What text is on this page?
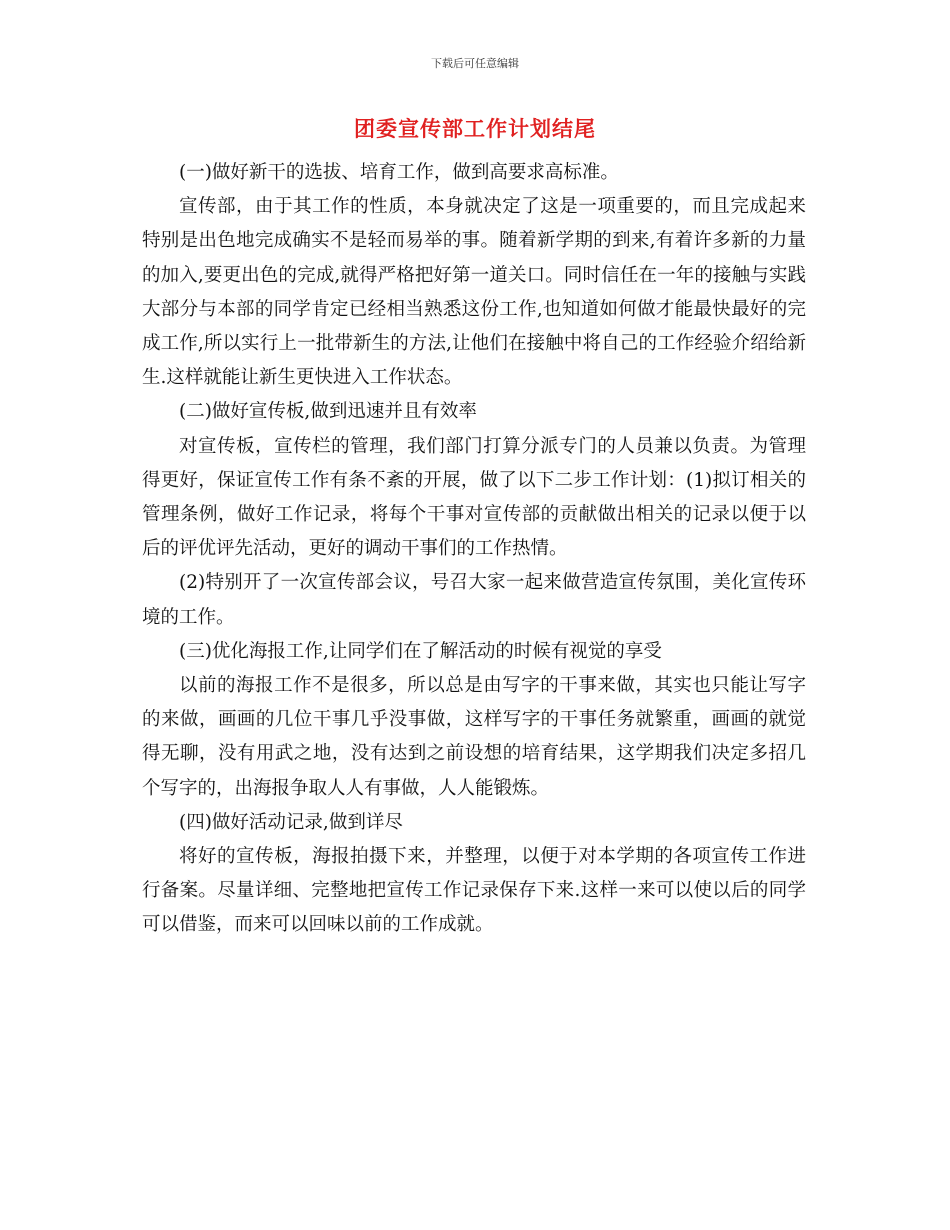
下载后可任意编辑
团委宣传部工作计划结尾

(一)做好新干的选拔、培育工作，做到高要求高标准。

宣传部，由于其工作的性质，本身就决定了这是一项重要的，而且完成起来特别是出色地完成确实不是轻而易举的事。随着新学期的到来,有着许多新的力量的加入,要更出色的完成,就得严格把好第一道关口。同时信任在一年的接触与实践大部分与本部的同学肯定已经相当熟悉这份工作,也知道如何做才能最快最好的完成工作,所以实行上一批带新生的方法,让他们在接触中将自己的工作经验介绍给新生.这样就能让新生更快进入工作状态。

(二)做好宣传板,做到迅速并且有效率

对宣传板，宣传栏的管理，我们部门打算分派专门的人员兼以负责。为管理得更好，保证宣传工作有条不紊的开展，做了以下二步工作计划：(1)拟订相关的管理条例，做好工作记录，将每个干事对宣传部的贡献做出相关的记录以便于以后的评优评先活动，更好的调动干事们的工作热情。

(2)特别开了一次宣传部会议，号召大家一起来做营造宣传氛围，美化宣传环境的工作。

(三)优化海报工作,让同学们在了解活动的时候有视觉的享受

以前的海报工作不是很多，所以总是由写字的干事来做，其实也只能让写字的来做，画画的几位干事几乎没事做，这样写字的干事任务就繁重，画画的就觉得无聊，没有用武之地，没有达到之前设想的培育结果，这学期我们决定多招几个写字的，出海报争取人人有事做，人人能锻炼。

(四)做好活动记录,做到详尽

将好的宣传板，海报拍摄下来，并整理，以便于对本学期的各项宣传工作进行备案。尽量详细、完整地把宣传工作记录保存下来.这样一来可以使以后的同学可以借鉴，而来可以回味以前的工作成就。
